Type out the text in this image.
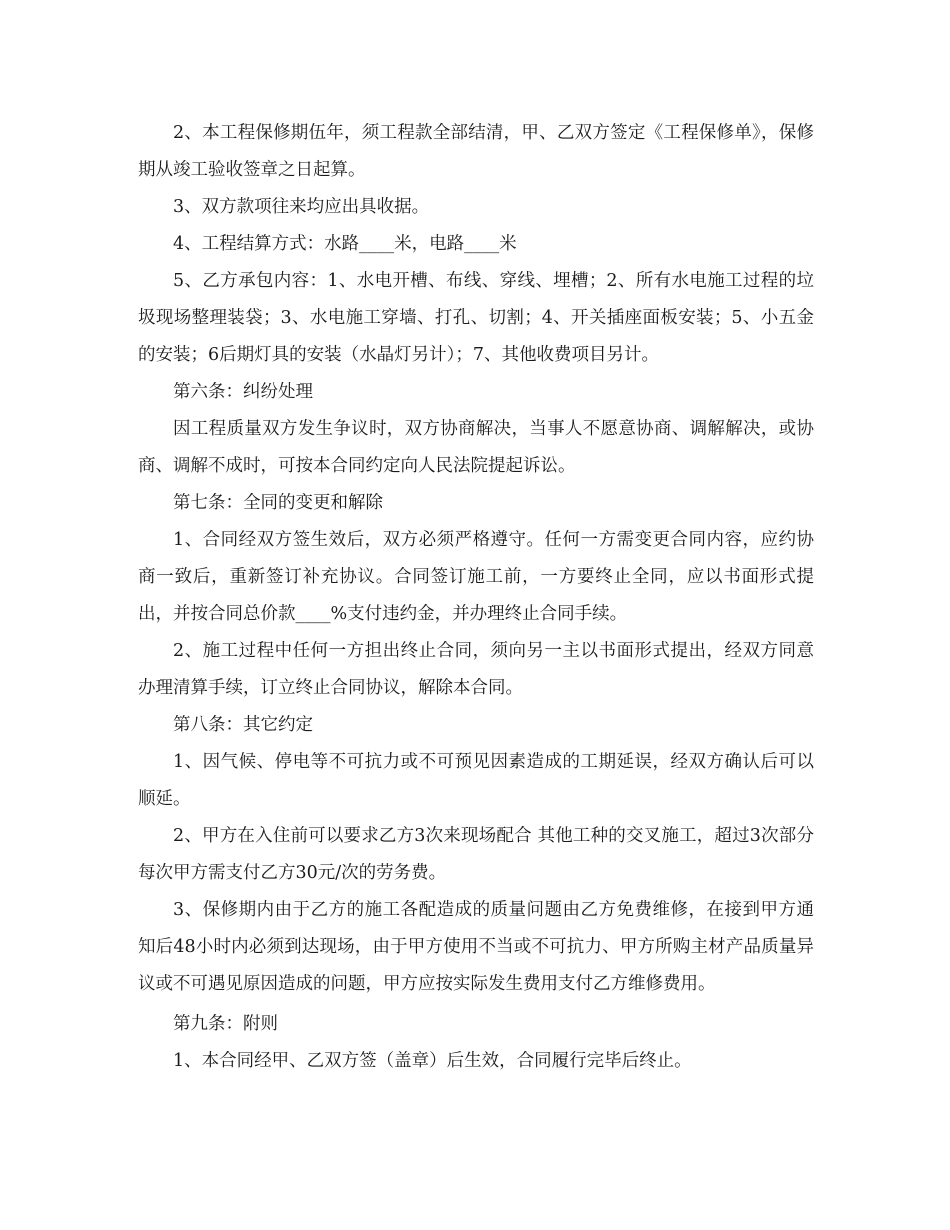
2、本工程保修期伍年，须工程款全部结清，甲、乙双方签定《工程保修单》，保修期从竣工验收签章之日起算。

3、双方款项往来均应出具收据。

4、工程结算方式：水路____米，电路____米

5、乙方承包内容：1、水电开槽、布线、穿线、埋槽；2、所有水电施工过程的垃圾现场整理装袋；3、水电施工穿墙、打孔、切割；4、开关插座面板安装；5、小五金的安装；6后期灯具的安装（水晶灯另计）；7、其他收费项目另计。

第六条：纠纷处理

因工程质量双方发生争议时，双方协商解决，当事人不愿意协商、调解解决，或协商、调解不成时，可按本合同约定向人民法院提起诉讼。

第七条：全同的变更和解除

1、合同经双方签生效后，双方必须严格遵守。任何一方需变更合同内容，应约协商一致后，重新签订补充协议。合同签订施工前，一方要终止全同，应以书面形式提出，并按合同总价款____%支付违约金，并办理终止合同手续。

2、施工过程中任何一方担出终止合同，须向另一主以书面形式提出，经双方同意办理清算手续，订立终止合同协议，解除本合同。

第八条：其它约定

1、因气候、停电等不可抗力或不可预见因素造成的工期延误，经双方确认后可以顺延。

2、甲方在入住前可以要求乙方3次来现场配合 其他工种的交叉施工，超过3次部分每次甲方需支付乙方30元/次的劳务费。

3、保修期内由于乙方的施工各配造成的质量问题由乙方免费维修，在接到甲方通知后48小时内必须到达现场，由于甲方使用不当或不可抗力、甲方所购主材产品质量异议或不可遇见原因造成的问题，甲方应按实际发生费用支付乙方维修费用。

第九条：附则

1、本合同经甲、乙双方签（盖章）后生效，合同履行完毕后终止。
